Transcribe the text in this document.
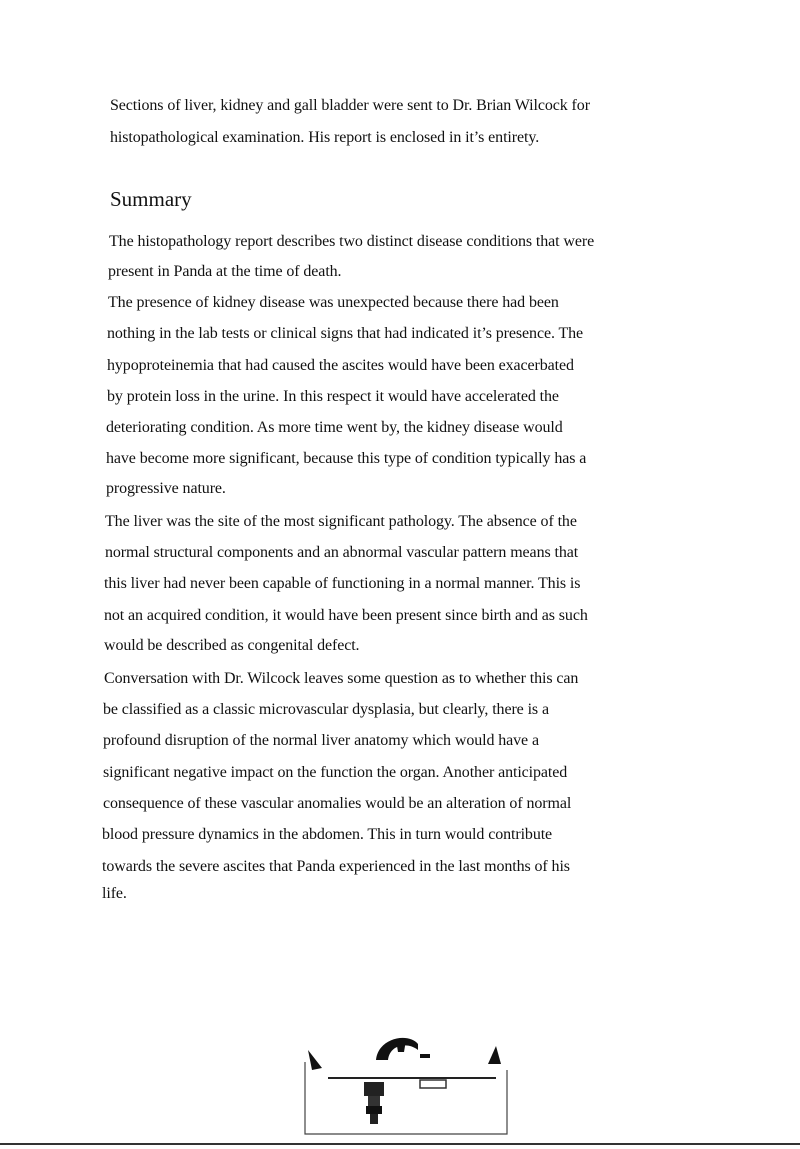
Sections of liver, kidney and gall bladder were sent to Dr. Brian Wilcock for
histopathological examination. His report is enclosed in it’s entirety.
Summary
The histopathology report describes two distinct disease conditions that were
present in Panda at the time of death.
The presence of kidney disease was unexpected because there had been
nothing in the lab tests or clinical signs that had indicated it’s presence. The
hypoproteinemia that had caused the ascites would have been exacerbated
by protein loss in the urine. In this respect it would have accelerated the
deteriorating condition. As more time went by, the kidney disease would
have become more significant, because this type of condition typically has a
progressive nature.
The liver was the site of the most significant pathology. The absence of the
normal structural components and an abnormal vascular pattern means that
this liver had never been capable of functioning in a normal manner. This is
not an acquired condition, it would have been present since birth and as such
would be described as congenital defect.
Conversation with Dr. Wilcock leaves some question as to whether this can
be classified as a classic microvascular dysplasia, but clearly, there is a
profound disruption of the normal liver anatomy which would have a
significant negative impact on the function the organ. Another anticipated
consequence of these vascular anomalies would be an alteration of normal
blood pressure dynamics in the abdomen. This in turn would contribute
towards the severe ascites that Panda experienced in the last months of his
life.
